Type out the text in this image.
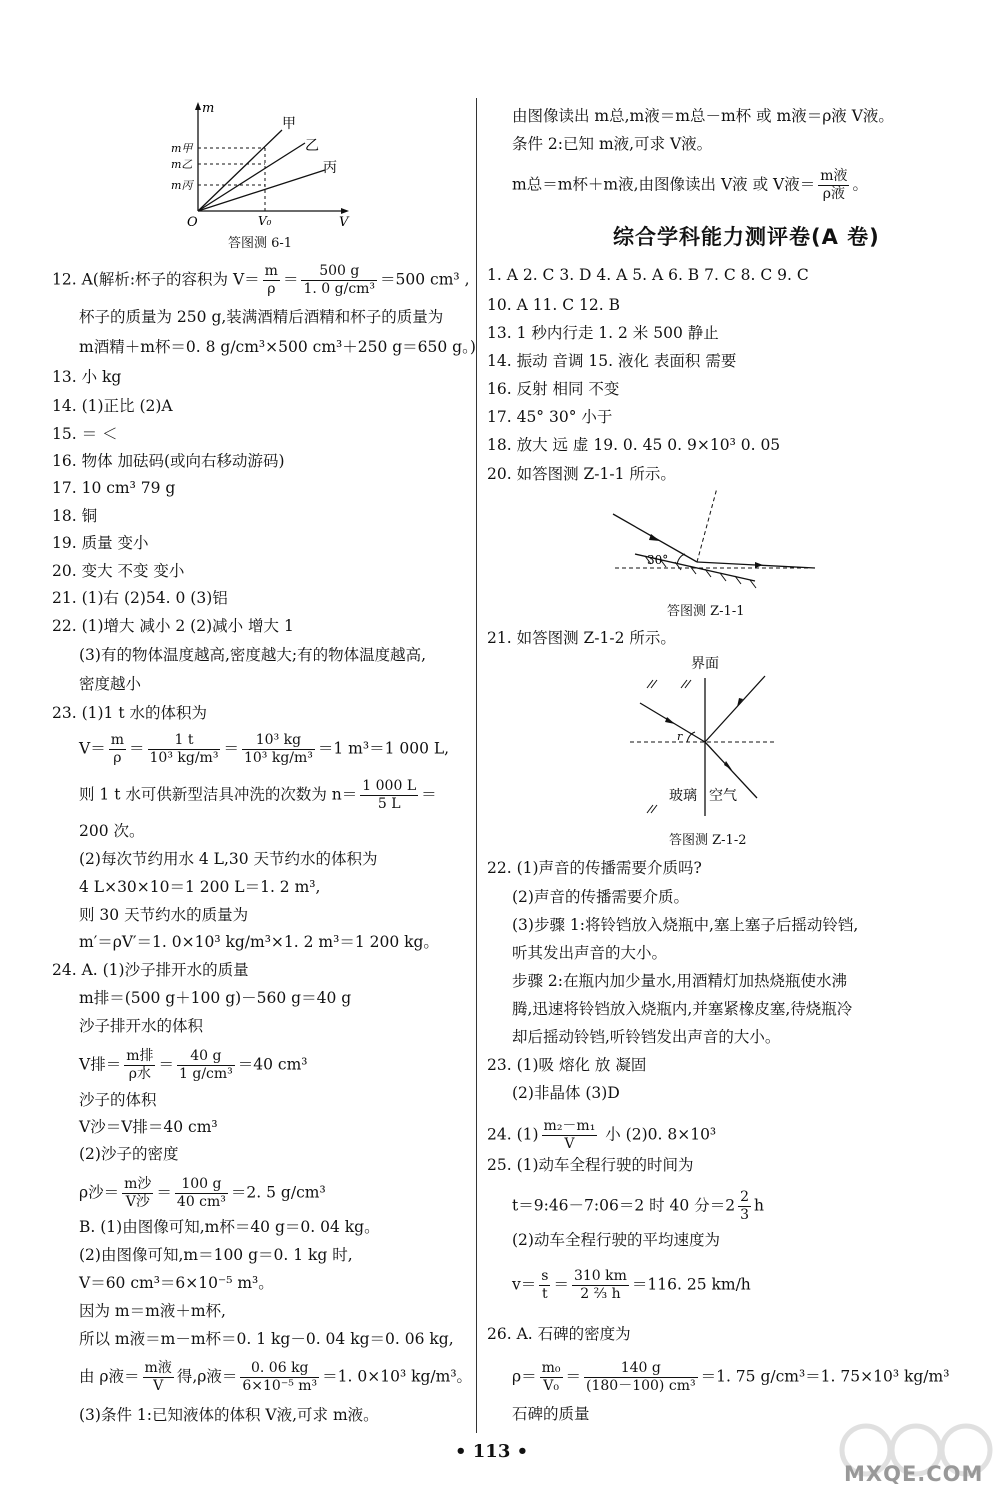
m
V
O	V₀
m甲
m乙
m丙
甲
乙
丙
答图测 6-1
12. A(解析:杯子的容积为 $V= \frac{m}{\rho} = \frac{500 g}{\text{1. 0 g/cm³}} =500$ cm³ ,
杯子的质量为 250 g,装满酒精后酒精和杯子的质量为
m酒精＋m杯＝0. 8 g/cm³×500 cm³＋250 g＝650 g。)
13. 小 kg
14. (1)正比 (2)A
15. ＝ ＜
16. 物体 加砝码(或向右移动游码)
17. 10 cm³ 79 g
18. 铜
19. 质量 变小
20. 变大 不变 变小
21. (1)右 (2)54. 0 (3)铝
22. (1)增大 减小 2 (2)减小 增大 1
(3)有的物体温度越高,密度越大;有的物体温度越高,
密度越小
23. (1)1 t 水的体积为
$V= \frac{m}{\rho} = \frac{1 t}{\text{10³ kg/m³}} = \frac{\text{10³ kg}}{\text{10³ kg/m³}} =1$ m³＝1 000 L,
则 1 t 水可供新型洁具冲洗的次数为 $n= \frac{1 000 L}{5 L}$ ＝
200 次。
(2)每次节约用水 4 L,30 天节约水的体积为
4 L×30×10＝1 200 L＝1. 2 m³,
则 30 天节约水的质量为
m′＝ρV′＝1. 0×10³ kg/m³×1. 2 m³＝1 200 kg。
24. A. (1)沙子排开水的质量
m排＝(500 g＋100 g)－560 g＝40 g
沙子排开水的体积
V排＝ $\frac{\text{m排}}{\text{ρ水}} = \frac{40 g}{\text{1 g/cm³}} =40$ cm³
沙子的体积
V沙＝V排＝40 cm³
(2)沙子的密度
ρ沙＝ $\frac{\text{m沙}}{\text{V沙}} = \frac{100 g}{\text{40 cm³}} =2$. 5 g/cm³
B. (1)由图像可知,m杯＝40 g＝0. 04 kg。
(2)由图像可知,m＝100 g＝0. 1 kg 时,
V＝60 cm³＝6×10⁻⁵ m³。
因为 m＝m液＋m杯,
所以 m液＝m－m杯＝0. 1 kg－0. 04 kg＝0. 06 kg,
由 ρ液＝ $\frac{\text{m液}}{V}$ 得,ρ液＝ $\frac{0. 06 kg}{\text{6×10⁻⁵ m³}} =1$. 0×10³ kg/m³。
(3)条件 1:已知液体的体积 V液,可求 m液。
由图像读出 m总,m液＝m总－m杯 或 m液＝ρ液 V液。
条件 2:已知 m液,可求 V液。
m总＝m杯＋m液,由图像读出 V液 或 V液＝ $\frac{\text{m液}}{\text{ρ液}}$ 。
综合学科能力测评卷(A 卷)
1. A 2. C 3. D 4. A 5. A 6. B 7. C 8. C 9. C
10. A 11. C 12. B
13. 1 秒内行走 1. 2 米 500 静止
14. 振动 音调 15. 液化 表面积 需要
16. 反射 相同 不变
17. 45° 30° 小于
18. 放大 远 虚 19. 0. 45 0. 9×10³ 0. 05
20. 如答图测 Z-1-1 所示。
30°
答图测 Z-1-1
21. 如答图测 Z-1-2 所示。
界面
玻璃 空气
r
答图测 Z-1-2
22. (1)声音的传播需要介质吗?
(2)声音的传播需要介质。
(3)步骤 1:将铃铛放入烧瓶中,塞上塞子后摇动铃铛,
听其发出声音的大小。
步骤 2:在瓶内加少量水,用酒精灯加热烧瓶使水沸
腾,迅速将铃铛放入烧瓶内,并塞紧橡皮塞,待烧瓶冷
却后摇动铃铛,听铃铛发出声音的大小。
23. (1)吸 熔化 放 凝固
(2)非晶体 (3)D
24. $(1) \frac{\text{m₂－m₁}}{V}$ 小 (2)0. 8×10³
25. (1)动车全程行驶的时间为
t＝9:46－7:06＝2 时 40 分$=2 \frac{2}{3}$ h
(2)动车全程行驶的平均速度为
$v= \frac{s}{t} = \frac{310 km}{\text{2 ⅔ h}} =116$. 25 km/h
26. A. 石碑的密度为
$\rho= \frac{\text{m₀}}{\text{V₀}} = \frac{140 g}{\text{(180－100) cm³}} =1$. 75 g/cm³＝1. 75×10³ kg/m³
石碑的质量
• 113 •
MXQE.COM
